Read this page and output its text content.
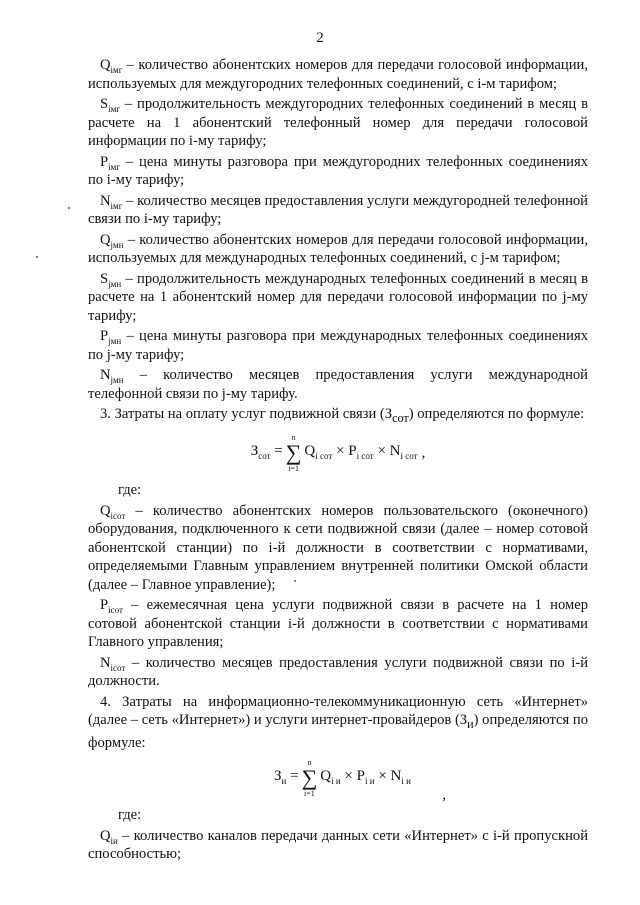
2

$Q_{iмг}$ – количество абонентских номеров для передачи голосовой информации, используемых для междугородних телефонных соединений, с i-м тарифом;

$S_{iмг}$ – продолжительность междугородних телефонных соединений в месяц в расчете на 1 абонентский телефонный номер для передачи голосовой информации по i-му тарифу;

$P_{iмг}$ – цена минуты разговора при междугородних телефонных соединениях по i-му тарифу;

$N_{iмг}$ – количество месяцев предоставления услуги междугородней телефонной связи по i-му тарифу;

$Q_{jмн}$ – количество абонентских номеров для передачи голосовой информации, используемых для международных телефонных соединений, с j-м тарифом;

$S_{jмн}$ – продолжительность международных телефонных соединений в месяц в расчете на 1 абонентский номер для передачи голосовой информации по j-му тарифу;

$P_{jмн}$ – цена минуты разговора при международных телефонных соединениях по j-му тарифу;

$N_{jмн}$ – количество месяцев предоставления услуги международной телефонной связи по j-му тарифу.

3. Затраты на оплату услуг подвижной связи $(З_{сот})$ определяются по формуле:

$З_{сот}$ =
n
∑
i=1
$Q_{i сот} \times P_{i сот} \times N_{i сот}$ ,

где:

$Q_{iсот}$ – количество абонентских номеров пользовательского (оконечного) оборудования, подключенного к сети подвижной связи (далее – номер сотовой абонентской станции) по i-й должности в соответствии с нормативами, определяемыми Главным управлением внутренней политики Омской области (далее – Главное управление);

$P_{iсот}$ – ежемесячная цена услуги подвижной связи в расчете на 1 номер сотовой абонентской станции i-й должности в соответствии с нормативами Главного управления;

$N_{iсот}$ – количество месяцев предоставления услуги подвижной связи по i-й должности.

4. Затраты на информационно-телекоммуникационную сеть «Интернет» (далее – сеть «Интернет») и услуги интернет-провайдеров $(З_и)$ определяются по формуле:

$З_и$ =
n
∑
i=1
$Q_{i и} \times P_{i и} \times N_{i и}$
,

где:

$Q_{iи}$ – количество каналов передачи данных сети «Интернет» с i-й пропускной способностью;
